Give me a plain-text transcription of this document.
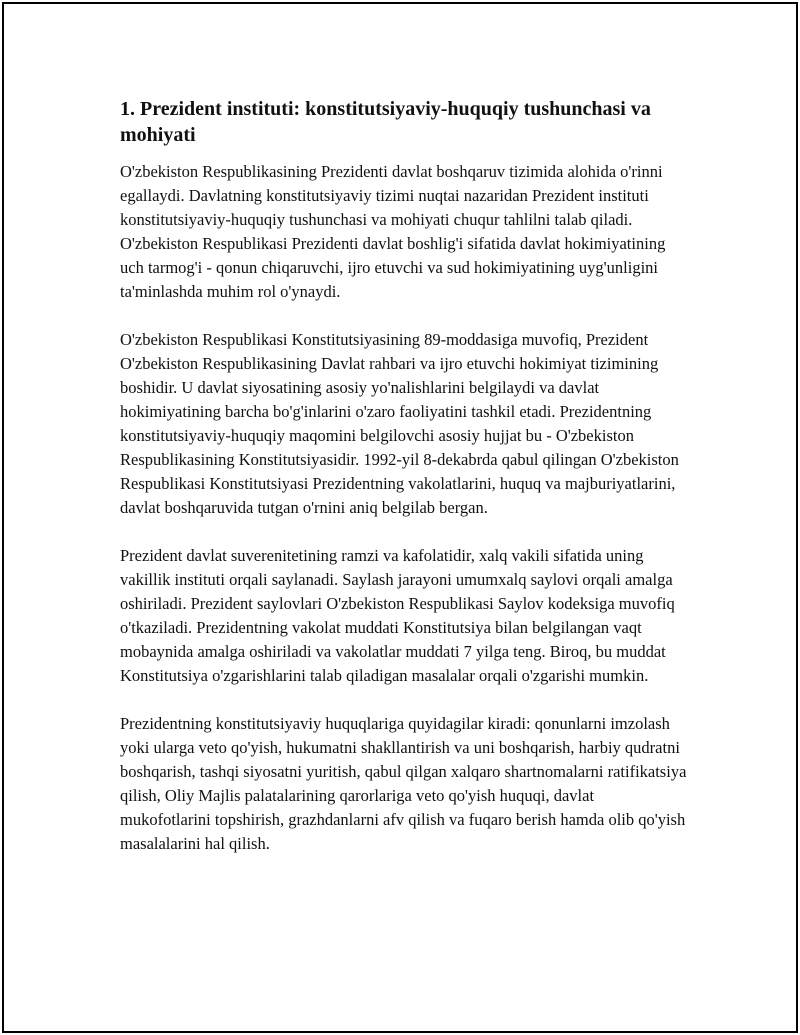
1. Prezident instituti: konstitutsiyaviy-huquqiy tushunchasi va mohiyati

O'zbekiston Respublikasining Prezidenti davlat boshqaruv tizimida alohida o'rinni egallaydi. Davlatning konstitutsiyaviy tizimi nuqtai nazaridan Prezident instituti konstitutsiyaviy-huquqiy tushunchasi va mohiyati chuqur tahlilni talab qiladi. O'zbekiston Respublikasi Prezidenti davlat boshlig'i sifatida davlat hokimiyatining uch tarmog'i - qonun chiqaruvchi, ijro etuvchi va sud hokimiyatining uyg'unligini ta'minlashda muhim rol o'ynaydi.

O'zbekiston Respublikasi Konstitutsiyasining 89-moddasiga muvofiq, Prezident O'zbekiston Respublikasining Davlat rahbari va ijro etuvchi hokimiyat tizimining boshidir. U davlat siyosatining asosiy yo'nalishlarini belgilaydi va davlat hokimiyatining barcha bo'g'inlarini o'zaro faoliyatini tashkil etadi. Prezidentning konstitutsiyaviy-huquqiy maqomini belgilovchi asosiy hujjat bu - O'zbekiston Respublikasining Konstitutsiyasidir. 1992-yil 8-dekabrda qabul qilingan O'zbekiston Respublikasi Konstitutsiyasi Prezidentning vakolatlarini, huquq va majburiyatlarini, davlat boshqaruvida tutgan o'rnini aniq belgilab bergan.

Prezident davlat suverenitetining ramzi va kafolatidir, xalq vakili sifatida uning vakillik instituti orqali saylanadi. Saylash jarayoni umumxalq saylovi orqali amalga oshiriladi. Prezident saylovlari O'zbekiston Respublikasi Saylov kodeksiga muvofiq o'tkaziladi. Prezidentning vakolat muddati Konstitutsiya bilan belgilangan vaqt mobaynida amalga oshiriladi va vakolatlar muddati 7 yilga teng. Biroq, bu muddat Konstitutsiya o'zgarishlarini talab qiladigan masalalar orqali o'zgarishi mumkin.

Prezidentning konstitutsiyaviy huquqlariga quyidagilar kiradi: qonunlarni imzolash yoki ularga veto qo'yish, hukumatni shakllantirish va uni boshqarish, harbiy qudratni boshqarish, tashqi siyosatni yuritish, qabul qilgan xalqaro shartnomalarni ratifikatsiya qilish, Oliy Majlis palatalarining qarorlariga veto qo'yish huquqi, davlat mukofotlarini topshirish, grazhdanlarni afv qilish va fuqaro berish hamda olib qo'yish masalalarini hal qilish.
